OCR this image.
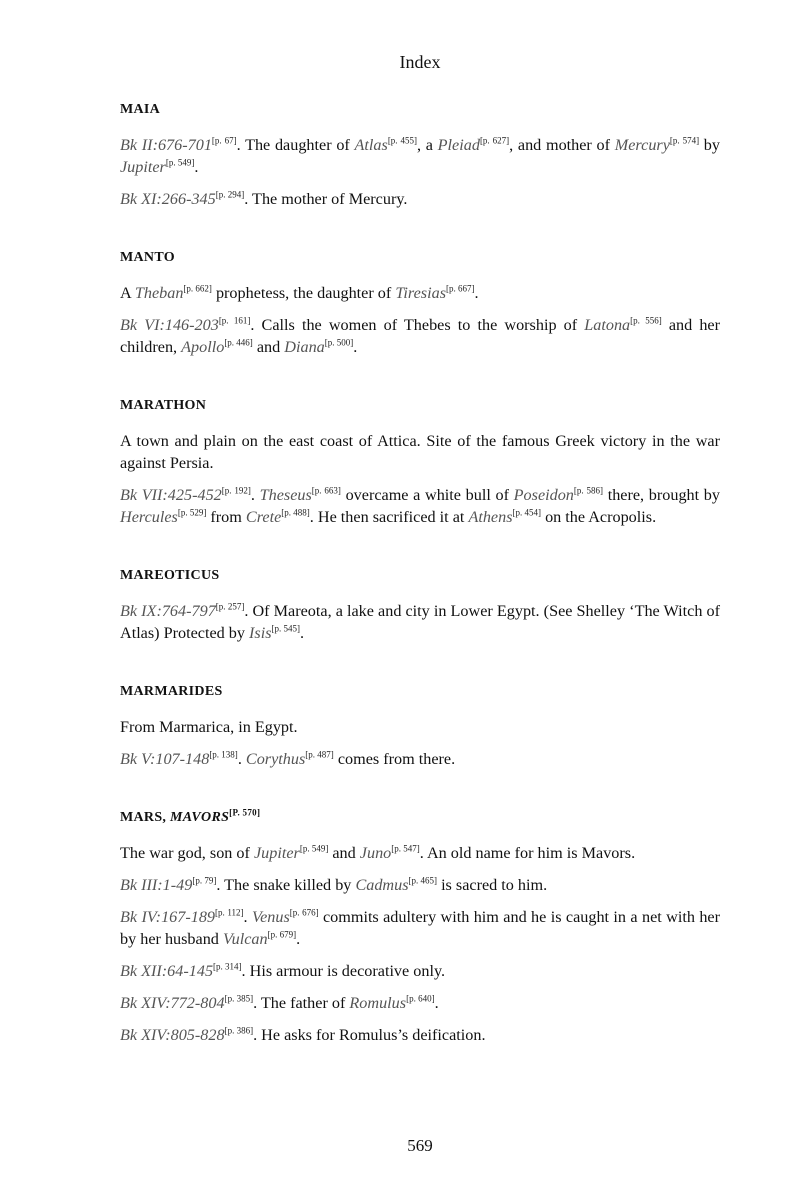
Index
MAIA

Bk II:676-701[p. 67]. The daughter of Atlas[p. 455], a Pleiad[p. 627], and mother of Mercury[p. 574] by Jupiter[p. 549].

Bk XI:266-345[p. 294]. The mother of Mercury.

MANTO

A Theban[p. 662] prophetess, the daughter of Tiresias[p. 667].

Bk VI:146-203[p. 161]. Calls the women of Thebes to the worship of Latona[p. 556] and her children, Apollo[p. 446] and Diana[p. 500].

MARATHON

A town and plain on the east coast of Attica. Site of the famous Greek victory in the war against Persia.

Bk VII:425-452[p. 192]. Theseus[p. 663] overcame a white bull of Poseidon[p. 586] there, brought by Hercules[p. 529] from Crete[p. 488]. He then sacrificed it at Athens[p. 454] on the Acropolis.

MAREOTICUS

Bk IX:764-797[p. 257]. Of Mareota, a lake and city in Lower Egypt. (See Shelley ‘The Witch of Atlas) Protected by Isis[p. 545].

MARMARIDES

From Marmarica, in Egypt.

Bk V:107-148[p. 138]. Corythus[p. 487] comes from there.

MARS, MAVORS[P. 570]

The war god, son of Jupiter[p. 549] and Juno[p. 547]. An old name for him is Mavors.

Bk III:1-49[p. 79]. The snake killed by Cadmus[p. 465] is sacred to him.

Bk IV:167-189[p. 112]. Venus[p. 676] commits adultery with him and he is caught in a net with her by her husband Vulcan[p. 679].

Bk XII:64-145[p. 314]. His armour is decorative only.

Bk XIV:772-804[p. 385]. The father of Romulus[p. 640].

Bk XIV:805-828[p. 386]. He asks for Romulus’s deification.

569
